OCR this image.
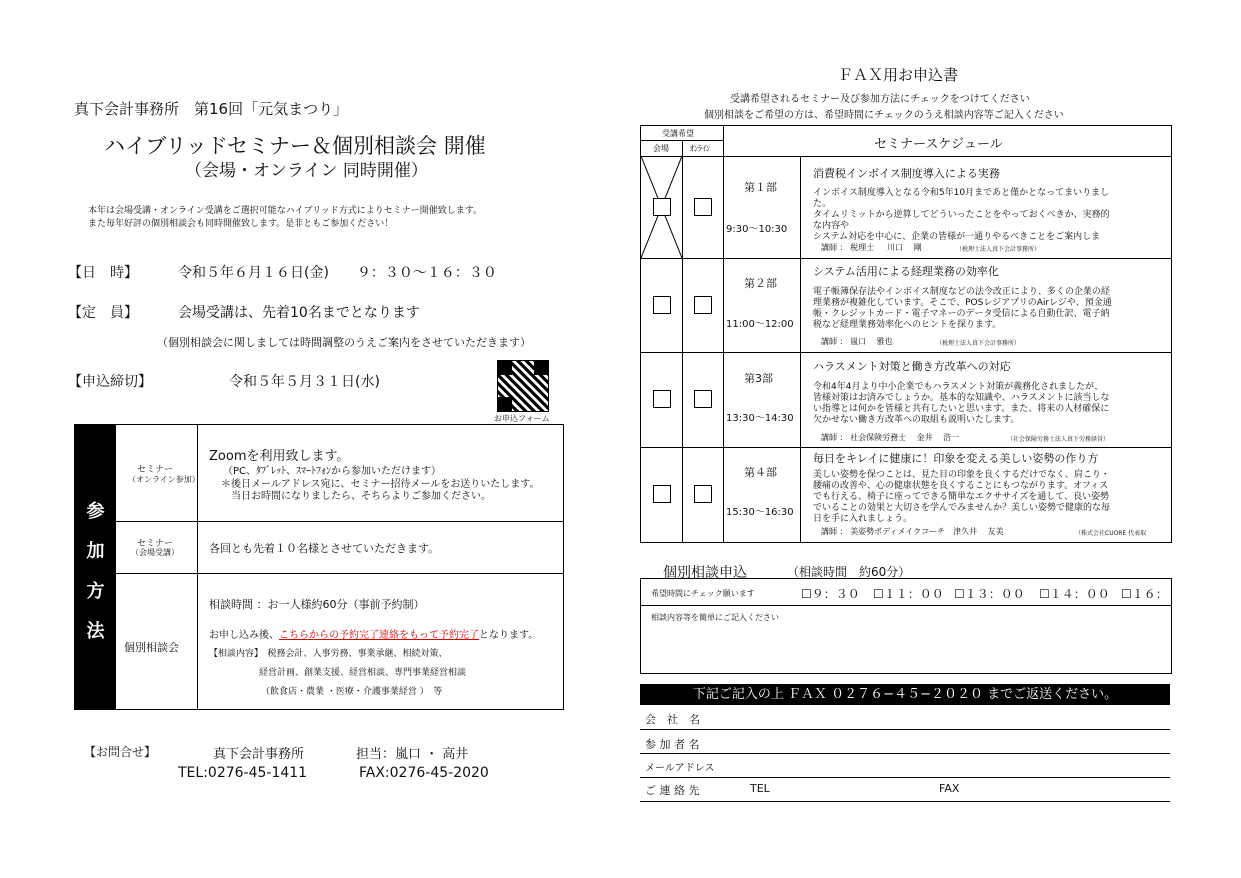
真下会計事務所　第16回「元気まつり」
ハイブリッドセミナー＆個別相談会 開催
（会場・オンライン 同時開催）
本年は会場受講・オンライン受講をご選択可能なハイブリッド方式によりセミナー開催致します。
また毎年好評の個別相談会も同時開催致します。是非ともご参加ください！
【日　時】	令和５年６月１６日(金)　　９：３０〜１６：３０
【定　員】	会場受講は、先着10名までとなります
（個別相談会に関しましては時間調整のうえご案内をさせていただきます）
【申込締切】	令和５年５月３１日(水)
お申込フォーム
参
加
方
法
セミナー
（オンライン参加）
Zoomを利用致します。
（PC、ﾀﾌﾞﾚｯﾄ、ｽﾏｰﾄﾌｫﾝから参加いただけます）
＊後日メールアドレス宛に、セミナー招待メールをお送りいたします。
当日お時間になりましたら、そちらよりご参加ください。
セミナー
（会場受講）	各回とも先着１０名様とさせていただきます。
個別相談会
相談時間 ：お一人様約60分（事前予約制）
お申し込み後、こちらからの予約完了連絡をもって予約完了となります。
【相談内容】　税務会計、人事労務、事業承継、相続対策、
経営計画、創業支援、経営相談、専門事業経営相談
（飲食店・農業 ・医療・介護事業経営 ）　等
【お問合せ】	真下会計事務所	担当：嵐口 ・ 高井
TEL:0276-45-1411	FAX:0276-45-2020
ＦＡＸ用お申込書
受講希望されるセミナー及び参加方法にチェックをつけてください
個別相談をご希望の方は、希望時間にチェックのうえ相談内容等ご記入ください
受講希望
会場	ｵﾝﾗｲﾝ	セミナースケジュール
第１部
9:30〜10:30
消費税インボイス制度導入による実務
インボイス制度導入となる令和5年10月まであと僅かとなってまいりまし
た。
タイムリミットから逆算してどういったことをやっておくべきか、実務的
な内容や
システム対応を中心に、企業の皆様が一通りやるべきことをご案内しま
講師 ： 税理士 　 川口 　剛	（税理士法人真下会計事務所）
第２部
11:00〜12:00
システム活用による経理業務の効率化
電子帳簿保存法やインボイス制度などの法令改正により、多くの企業の経
理業務が複雑化しています。そこで、POSレジアプリのAirレジや、預金通
帳・クレジットカード・電子マネーのデータ受信による自動仕訳、電子納
税など経理業務効率化へのヒントを探ります。
講師 ： 嵐口 　雅也	（税理士法人真下会計事務所）
第3部
13:30〜14:30
ハラスメント対策と働き方改革への対応
令和4年4月より中小企業でもハラスメント対策が義務化されましたが、
皆様対策はお済みでしょうか。基本的な知識や、ハラスメントに該当しな
い指導とは何かを皆様と共有したいと思います。また、将来の人材確保に
欠かせない働き方改革への取組も説明いたします。
講師 ： 社会保険労務士 　金井 　浩一	（社会保険労務士法人真下労務経営）
第４部
15:30〜16:30
毎日をキレイに健康に！印象を変える美しい姿勢の作り方
美しい姿勢を保つことは、見た目の印象を良くするだけでなく、肩こり・
腰痛の改善や、心の健康状態を良くすることにもつながります。オフィス
でも行える、椅子に座ってできる簡単なエクササイズを通して、良い姿勢
でいることの効果と大切さを学んでみませんか？美しい姿勢で健康的な毎
日を手に入れましょう。
講師 ： 美姿勢ボディメイクコーチ　津久井 　友美	（株式会社CUORE 代表取
個別相談申込	（相談時間　約60分）
希望時間にチェック願います	☐９：３０ ☐１１：００ ☐１３：００ ☐１４：００ ☐１６：
相談内容等を簡単にご記入ください
下記ご記入の上 ＦＡＸ ０２７６−４５−２０２０ までご返送ください。
会　社　名
参 加 者 名
メールアドレス
ご 連 絡 先	TEL	FAX
